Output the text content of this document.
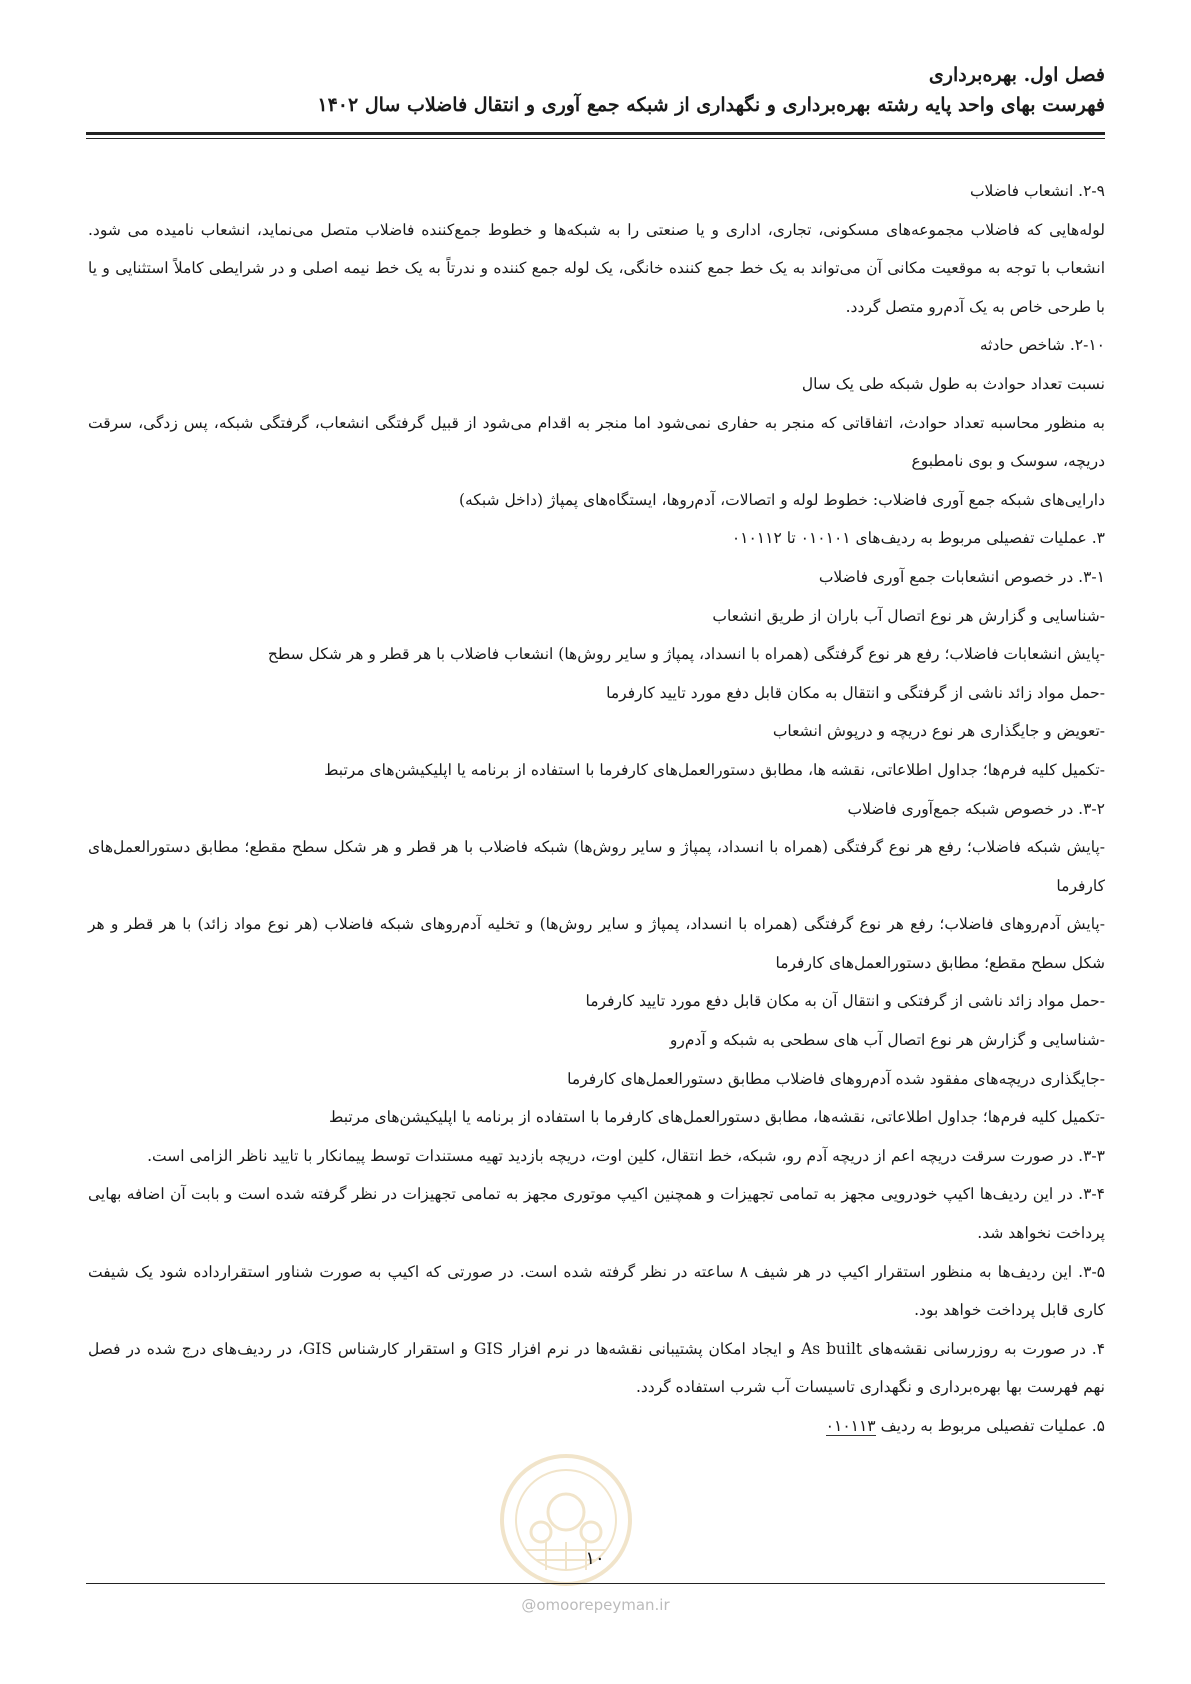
فصل اول. بهره‌برداری

فهرست بهای واحد پایه رشته بهره‌برداری و نگهداری از شبکه جمع آوری و انتقال فاضلاب سال ۱۴۰۲

۲-۹. انشعاب فاضلاب

لوله‌هایی که فاضلاب مجموعه‌های مسکونی، تجاری، اداری و یا صنعتی را به شبکه‌ها و خطوط جمع‌کننده فاضلاب متصل می‌نماید، انشعاب نامیده می شود. انشعاب با توجه به موقعیت مکانی آن می‌تواند به یک خط جمع کننده خانگی، یک لوله جمع کننده و ندرتاً به یک خط نیمه اصلی و در شرایطی کاملاً استثنایی و یا با طرحی خاص به یک آدم‌رو متصل گردد.

۲-۱۰. شاخص حادثه

نسبت تعداد حوادث به طول شبکه طی یک سال

به منظور محاسبه تعداد حوادث، اتفاقاتی که منجر به حفاری نمی‌شود اما منجر به اقدام می‌شود از قبیل گرفتگی انشعاب، گرفتگی شبکه، پس زدگی، سرقت دریچه، سوسک و بوی نامطبوع

دارایی‌های شبکه جمع آوری فاضلاب: خطوط لوله و اتصالات، آدم‌روها، ایستگاه‌های پمپاژ (داخل شبکه)

۳. عملیات تفصیلی مربوط به ردیف‌های ۰۱۰۱۰۱ تا ۰۱۰۱۱۲

۳-۱. در خصوص انشعابات جمع آوری فاضلاب

-شناسایی و گزارش هر نوع اتصال آب باران از طریق انشعاب

-پایش انشعابات فاضلاب؛ رفع هر نوع گرفتگی (همراه با انسداد، پمپاژ و سایر روش‌ها) انشعاب فاضلاب با هر قطر و هر شکل سطح

-حمل مواد زائد ناشی از گرفتگی و انتقال به مکان قابل دفع مورد تایید کارفرما

-تعویض و جایگذاری هر نوع دریچه و درپوش انشعاب

-تکمیل کلیه فرم‌ها؛ جداول اطلاعاتی، نقشه ها، مطابق دستورالعمل‌های کارفرما با استفاده از برنامه یا اپلیکیشن‌های مرتبط

۳-۲. در خصوص شبکه جمع‌آوری فاضلاب

-پایش شبکه فاضلاب؛ رفع هر نوع گرفتگی (همراه با انسداد، پمپاژ و سایر روش‌ها) شبکه فاضلاب با هر قطر و هر شکل سطح مقطع؛ مطابق دستورالعمل‌های کارفرما

-پایش آدم‌روهای فاضلاب؛ رفع هر نوع گرفتگی (همراه با انسداد، پمپاژ و سایر روش‌ها) و تخلیه آدم‌روهای شبکه فاضلاب (هر نوع مواد زائد) با هر قطر و هر شکل سطح مقطع؛ مطابق دستورالعمل‌های کارفرما

-حمل مواد زائد ناشی از گرفتکی و انتقال آن به مکان قابل دفع مورد تایید کارفرما

-شناسایی و گزارش هر نوع اتصال آب های سطحی به شبکه و آدم‌رو

-جایگذاری دریچه‌های مفقود شده آدم‌روهای فاضلاب مطابق دستورالعمل‌های کارفرما

-تکمیل کلیه فرم‌ها؛ جداول اطلاعاتی، نقشه‌ها، مطابق دستورالعمل‌های کارفرما با استفاده از برنامه یا اپلیکیشن‌های مرتبط

۳-۳. در صورت سرقت دریچه اعم از دریچه آدم رو، شبکه، خط انتقال، کلین اوت، دریچه بازدید تهیه مستندات توسط پیمانکار با تایید ناظر الزامی است.

۳-۴. در این ردیف‌ها اکیپ خودرویی مجهز به تمامی تجهیزات و همچنین اکیپ موتوری مجهز به تمامی تجهیزات در نظر گرفته شده است و بابت آن اضافه بهایی پرداخت نخواهد شد.

۳-۵. این ردیف‌ها به منظور استقرار اکیپ در هر شیف ۸ ساعته در نظر گرفته شده است. در صورتی که اکیپ به صورت شناور استقرارداده شود یک شیفت کاری قابل پرداخت خواهد بود.

۴. در صورت به روزرسانی نقشه‌های As built و ایجاد امکان پشتیبانی نقشه‌ها در نرم افزار GIS و استقرار کارشناس GIS، در ردیف‌های درج شده در فصل نهم فهرست بها بهره‌برداری و نگهداری تاسیسات آب شرب استفاده گردد.

۵. عملیات تفصیلی مربوط به ردیف ۰۱۰۱۱۳

۱۰
@omoorepeyman.ir
